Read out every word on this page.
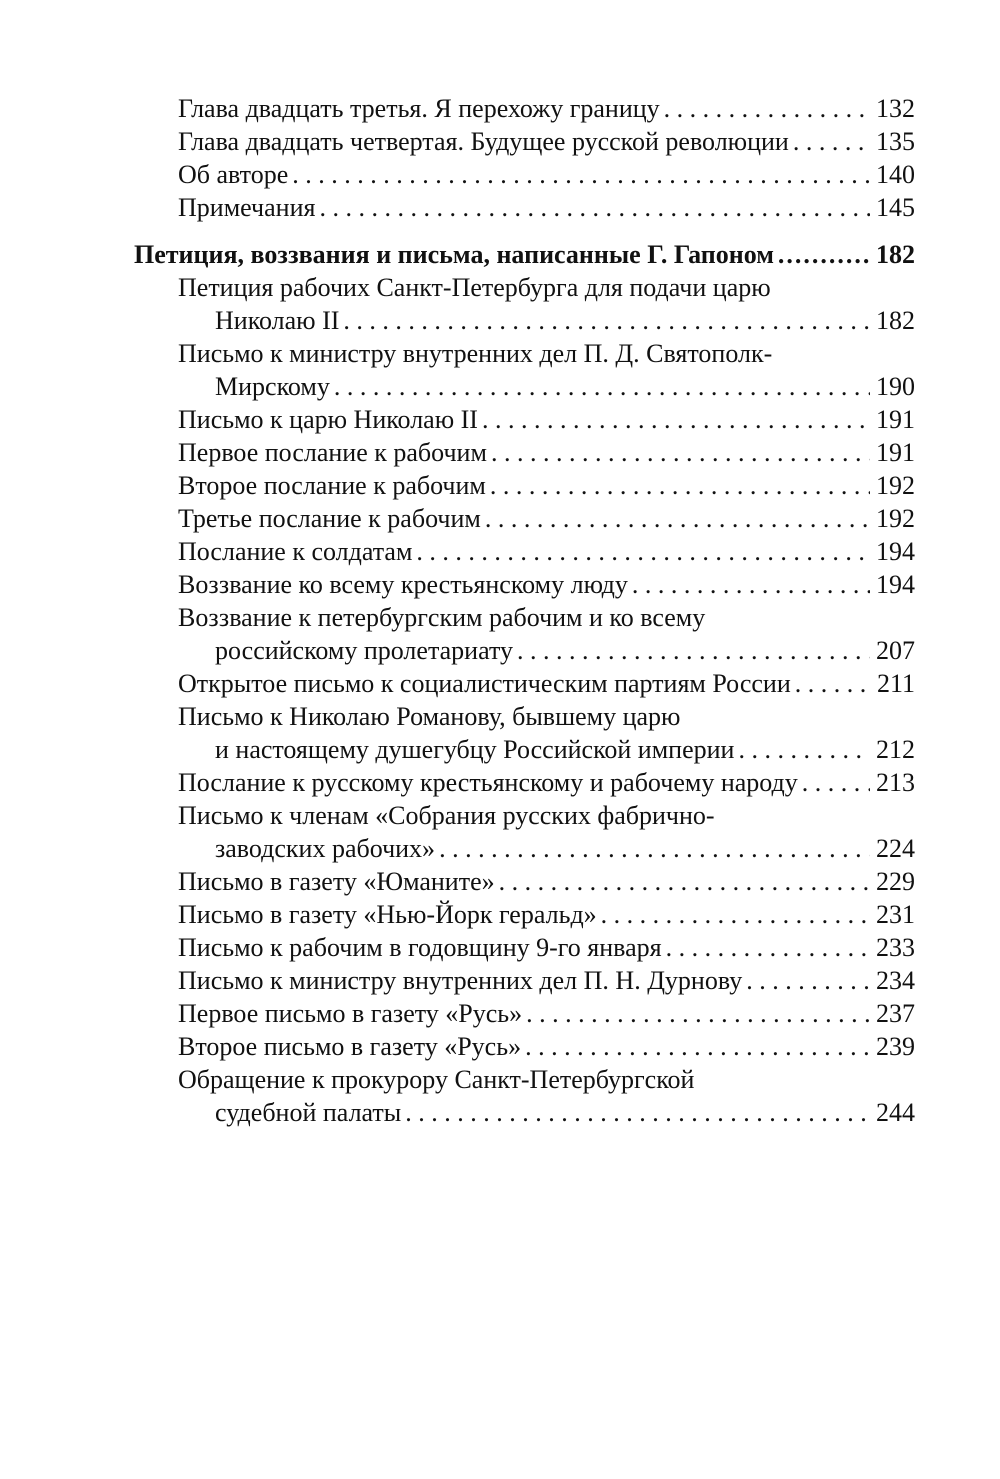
Глава двадцать третья. Я перехожу границу . . .	132
Глава двадцать четвертая. Будущее русской революции . . .	135
Об авторе . . .	140
Примечания . . .	145
Петиция, воззвания и письма, написанные Г. Гапоном .....	182
Петиция рабочих Санкт-Петербурга для подачи царю
Николаю II . . .	182
Письмо к министру внутренних дел П. Д. Святополк-
Мирскому . . .	190
Письмо к царю Николаю II . . .	191
Первое послание к рабочим . . .	191
Второе послание к рабочим . . .	192
Третье послание к рабочим . . .	192
Послание к солдатам . . .	194
Воззвание ко всему крестьянскому люду . . .	194
Воззвание к петербургским рабочим и ко всему
российскому пролетариату . . .	207
Открытое письмо к социалистическим партиям России . . .	211
Письмо к Николаю Романову, бывшему царю
и настоящему душегубцу Российской империи . . .	212
Послание к русскому крестьянскому и рабочему народу . . .	213
Письмо к членам «Собрания русских фабрично-
заводских рабочих» . . .	224
Письмо в газету «Юманите» . . .	229
Письмо в газету «Нью-Йорк геральд» . . .	231
Письмо к рабочим в годовщину 9-го января . . .	233
Письмо к министру внутренних дел П. Н. Дурнову . . .	234
Первое письмо в газету «Русь» . . .	237
Второе письмо в газету «Русь» . . .	239
Обращение к прокурору Санкт-Петербургской
судебной палаты . . .	244
